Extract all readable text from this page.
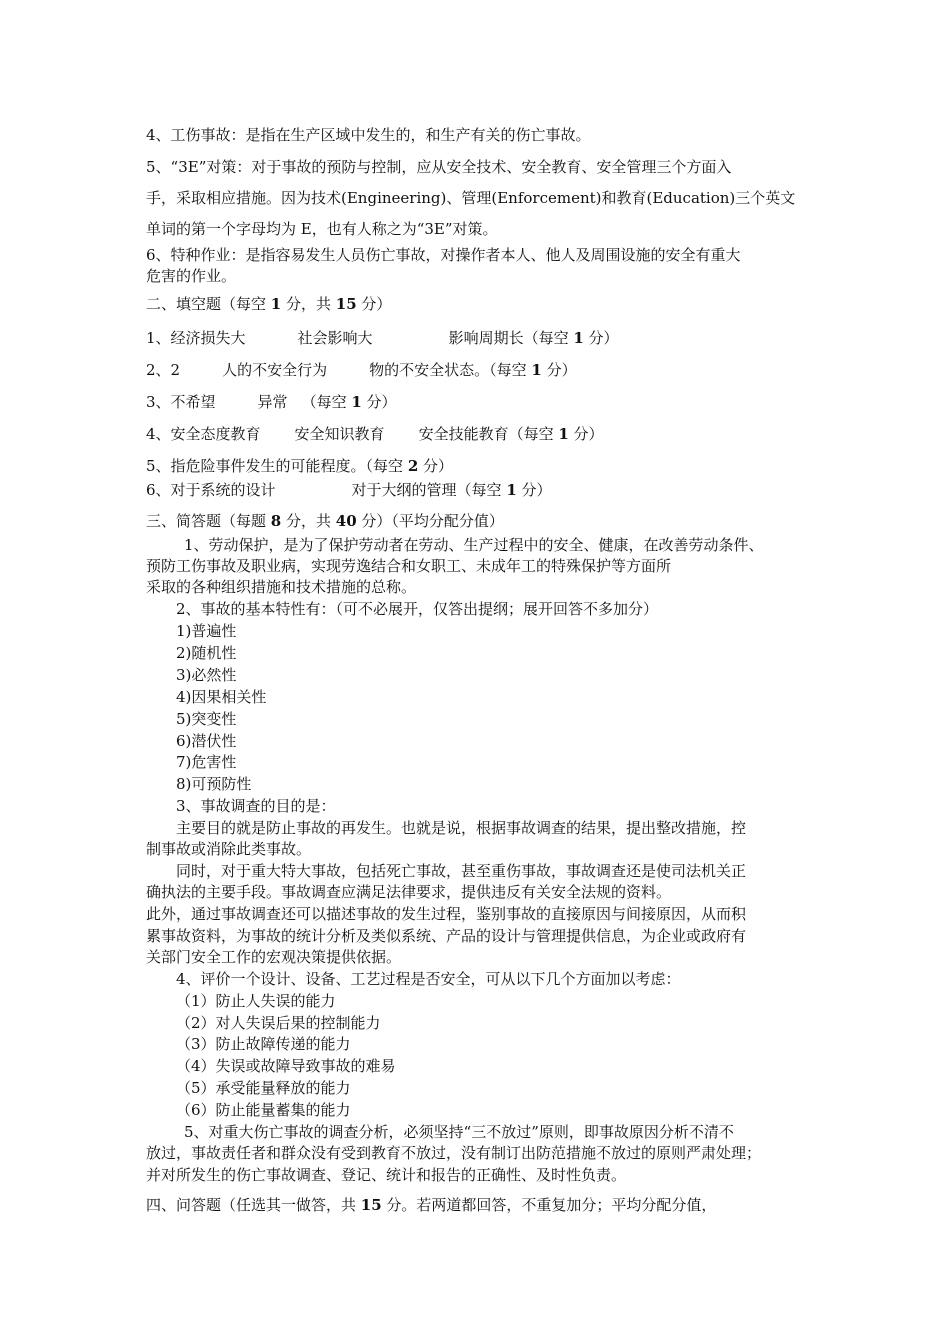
4、工伤事故：是指在生产区域中发生的，和生产有关的伤亡事故。
5、“3E”对策：对于事故的预防与控制，应从安全技术、安全教育、安全管理三个方面入
手，采取相应措施。因为技术(Engineering)、管理(Enforcement)和教育(Education)三个英文
单词的第一个字母均为 E，也有人称之为“3E”对策。
6、特种作业：是指容易发生人员伤亡事故，对操作者本人、他人及周围设施的安全有重大
危害的作业。
二、填空题（每空 1 分，共 15 分）
1、经济损失大	社会影响大	影响周期长（每空 1 分）
2、2	人的不安全行为	物的不安全状态。（每空 1 分）
3、不希望	异常 （每空 1 分）
4、安全态度教育 安全知识教育 安全技能教育（每空 1 分）
5、指危险事件发生的可能程度。（每空 2 分）
6、对于系统的设计	对于大纲的管理（每空 1 分）
三、简答题（每题 8 分，共 40 分）（平均分配分值）
1、劳动保护，是为了保护劳动者在劳动、生产过程中的安全、健康，在改善劳动条件、
预防工伤事故及职业病，实现劳逸结合和女职工、未成年工的特殊保护等方面所
采取的各种组织措施和技术措施的总称。
2、事故的基本特性有：（可不必展开，仅答出提纲；展开回答不多加分）
1)普遍性
2)随机性
3)必然性
4)因果相关性
5)突变性
6)潜伏性
7)危害性
8)可预防性
3、事故调查的目的是：
主要目的就是防止事故的再发生。也就是说，根据事故调查的结果，提出整改措施，控
制事故或消除此类事故。
同时，对于重大特大事故，包括死亡事故，甚至重伤事故，事故调查还是使司法机关正
确执法的主要手段。事故调查应满足法律要求，提供违反有关安全法规的资料。
此外，通过事故调查还可以描述事故的发生过程，鉴别事故的直接原因与间接原因，从而积
累事故资料，为事故的统计分析及类似系统、产品的设计与管理提供信息，为企业或政府有
关部门安全工作的宏观决策提供依据。
4、评价一个设计、设备、工艺过程是否安全，可从以下几个方面加以考虑：
（1）防止人失误的能力
（2）对人失误后果的控制能力
（3）防止故障传递的能力
（4）失误或故障导致事故的难易
（5）承受能量释放的能力
（6）防止能量蓄集的能力
5、对重大伤亡事故的调查分析，必须坚持“三不放过”原则，即事故原因分析不清不
放过，事故责任者和群众没有受到教育不放过，没有制订出防范措施不放过的原则严肃处理；
并对所发生的伤亡事故调查、登记、统计和报告的正确性、及时性负责。
四、问答题（任选其一做答，共 15 分。若两道都回答，不重复加分；平均分配分值，
